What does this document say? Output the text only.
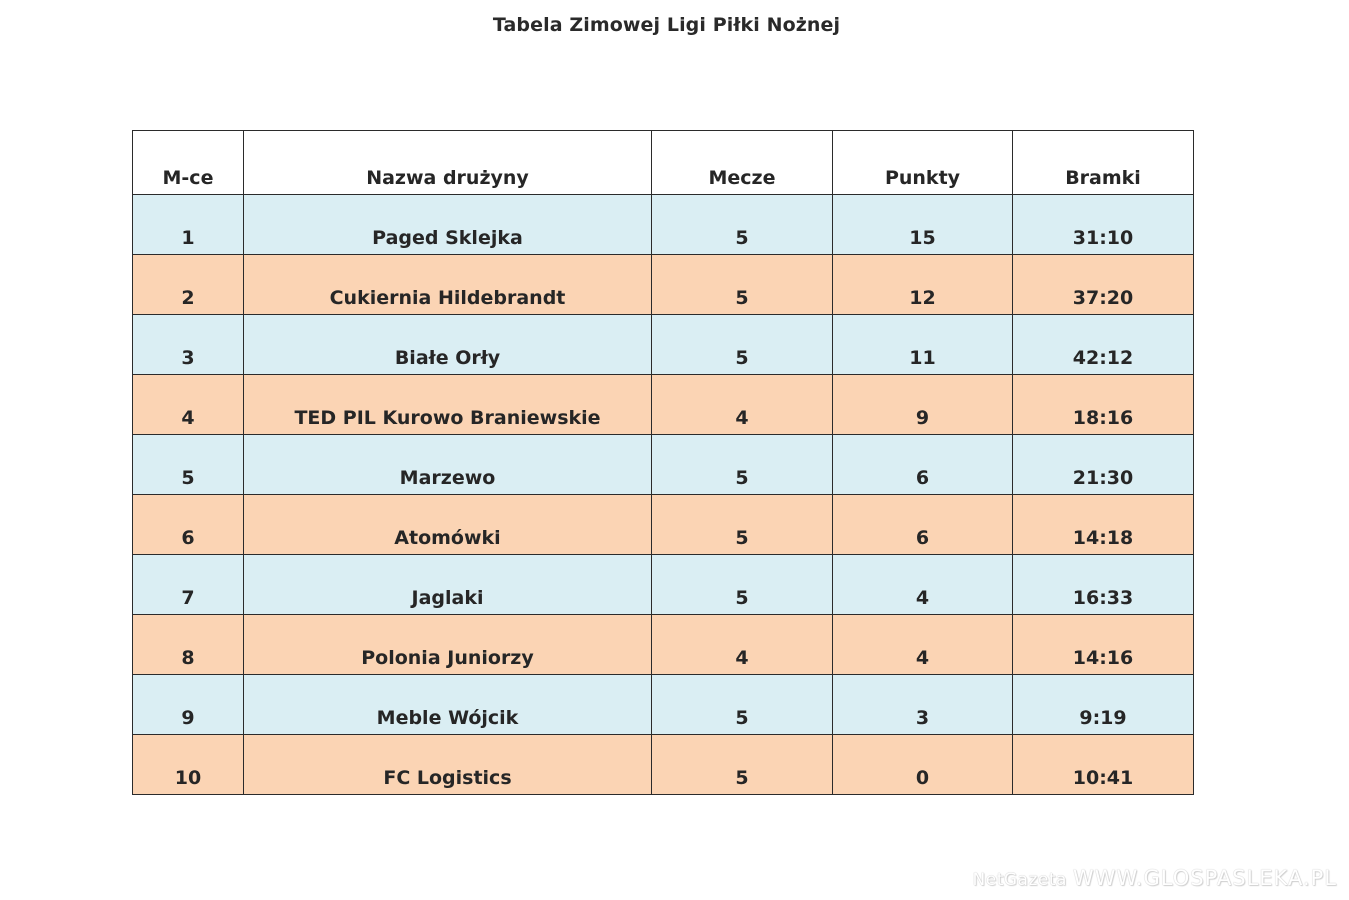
Tabela Zimowej Ligi Piłki Nożnej
M-ce	Nazwa drużyny	Mecze	Punkty	Bramki
1	Paged Sklejka	5	15	31:10
2	Cukiernia Hildebrandt	5	12	37:20
3	Białe Orły	5	11	42:12
4	TED PIL Kurowo Braniewskie	4	9	18:16
5	Marzewo	5	6	21:30
6	Atomówki	5	6	14:18
7	Jaglaki	5	4	16:33
8	Polonia Juniorzy	4	4	14:16
9	Meble Wójcik	5	3	9:19
10	FC Logistics	5	0	10:41
NetGazeta WWW.GLOSPASLEKA.PL
